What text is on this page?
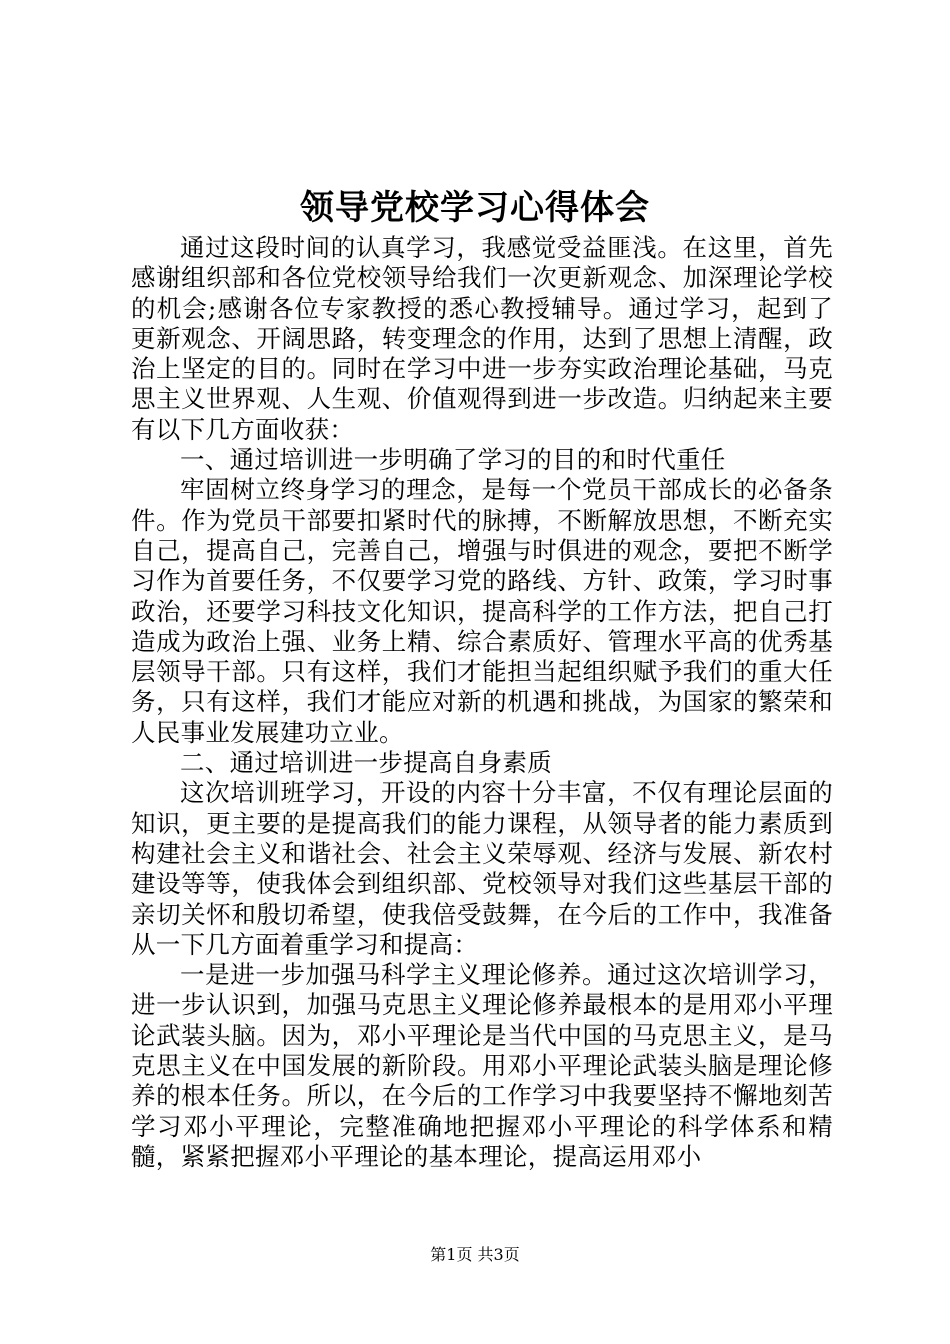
领导党校学习心得体会

通过这段时间的认真学习，我感觉受益匪浅。在这里，首先感谢组织部和各位党校领导给我们一次更新观念、加深理论学校的机会;感谢各位专家教授的悉心教授辅导。通过学习，起到了更新观念、开阔思路，转变理念的作用，达到了思想上清醒，政治上坚定的目的。同时在学习中进一步夯实政治理论基础，马克思主义世界观、人生观、价值观得到进一步改造。归纳起来主要有以下几方面收获：

一、通过培训进一步明确了学习的目的和时代重任

牢固树立终身学习的理念，是每一个党员干部成长的必备条件。作为党员干部要扣紧时代的脉搏，不断解放思想，不断充实自己，提高自己，完善自己，增强与时俱进的观念，要把不断学习作为首要任务，不仅要学习党的路线、方针、政策，学习时事政治，还要学习科技文化知识，提高科学的工作方法，把自己打造成为政治上强、业务上精、综合素质好、管理水平高的优秀基层领导干部。只有这样，我们才能担当起组织赋予我们的重大任务，只有这样，我们才能应对新的机遇和挑战，为国家的繁荣和人民事业发展建功立业。

二、通过培训进一步提高自身素质

这次培训班学习，开设的内容十分丰富，不仅有理论层面的知识，更主要的是提高我们的能力课程，从领导者的能力素质到构建社会主义和谐社会、社会主义荣辱观、经济与发展、新农村建设等等，使我体会到组织部、党校领导对我们这些基层干部的亲切关怀和殷切希望，使我倍受鼓舞，在今后的工作中，我准备从一下几方面着重学习和提高：

一是进一步加强马科学主义理论修养。通过这次培训学习，进一步认识到，加强马克思主义理论修养最根本的是用邓小平理论武装头脑。因为，邓小平理论是当代中国的马克思主义，是马克思主义在中国发展的新阶段。用邓小平理论武装头脑是理论修养的根本任务。所以，在今后的工作学习中我要坚持不懈地刻苦学习邓小平理论，完整准确地把握邓小平理论的科学体系和精髓，紧紧把握邓小平理论的基本理论，提高运用邓小

第1页 共3页
